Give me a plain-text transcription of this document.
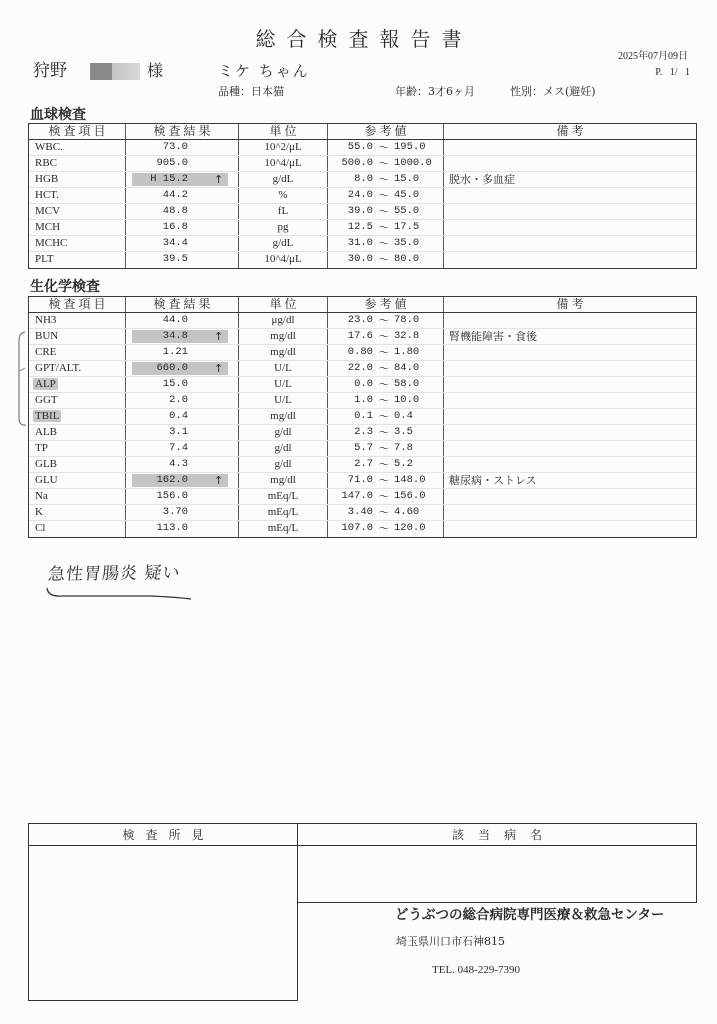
総合検査報告書
2025年07月09日
P.   1/   1
狩野	様	ミケ ちゃん
品種：日本猫	年齢：3才6ヶ月	性別：メス(避妊)
血球検査
検査項目	検査結果	単位	参考値	備考
WBC.	73.0	10^2/μL	55.0 ～ 195.0
RBC	905.0	10^4/μL	500.0 ～ 1000.0
HGB	H 15.2 ↑	g/dL	8.0 ～ 15.0	脱水・多血症
HCT.	44.2	%	24.0 ～ 45.0
MCV	48.8	fL	39.0 ～ 55.0
MCH	16.8	pg	12.5 ～ 17.5
MCHC	34.4	g/dL	31.0 ～ 35.0
PLT	39.5	10^4/μL	30.0 ～ 80.0
生化学検査
検査項目	検査結果	単位	参考値	備考
NH3	44.0	μg/dl	23.0 ～ 78.0
BUN	34.8 ↑	mg/dl	17.6 ～ 32.8	腎機能障害・食後
CRE	1.21	mg/dl	0.80 ～ 1.80
GPT/ALT.	660.0 ↑	U/L	22.0 ～ 84.0
ALP	15.0	U/L	0.0 ～ 58.0
GGT	2.0	U/L	1.0 ～ 10.0
TBIL	0.4	mg/dl	0.1 ～ 0.4
ALB	3.1	g/dl	2.3 ～ 3.5
TP	7.4	g/dl	5.7 ～ 7.8
GLB	4.3	g/dl	2.7 ～ 5.2
GLU	162.0 ↑	mg/dl	71.0 ～ 148.0	糖尿病・ストレス
Na	156.0	mEq/L	147.0 ～ 156.0
K	3.70	mEq/L	3.40 ～ 4.60
Cl	113.0	mEq/L	107.0 ～ 120.0
急性胃腸炎 疑い
検査所見	該当病名
どうぶつの総合病院専門医療＆救急センター
埼玉県川口市石神815
TEL. 048-229-7390
